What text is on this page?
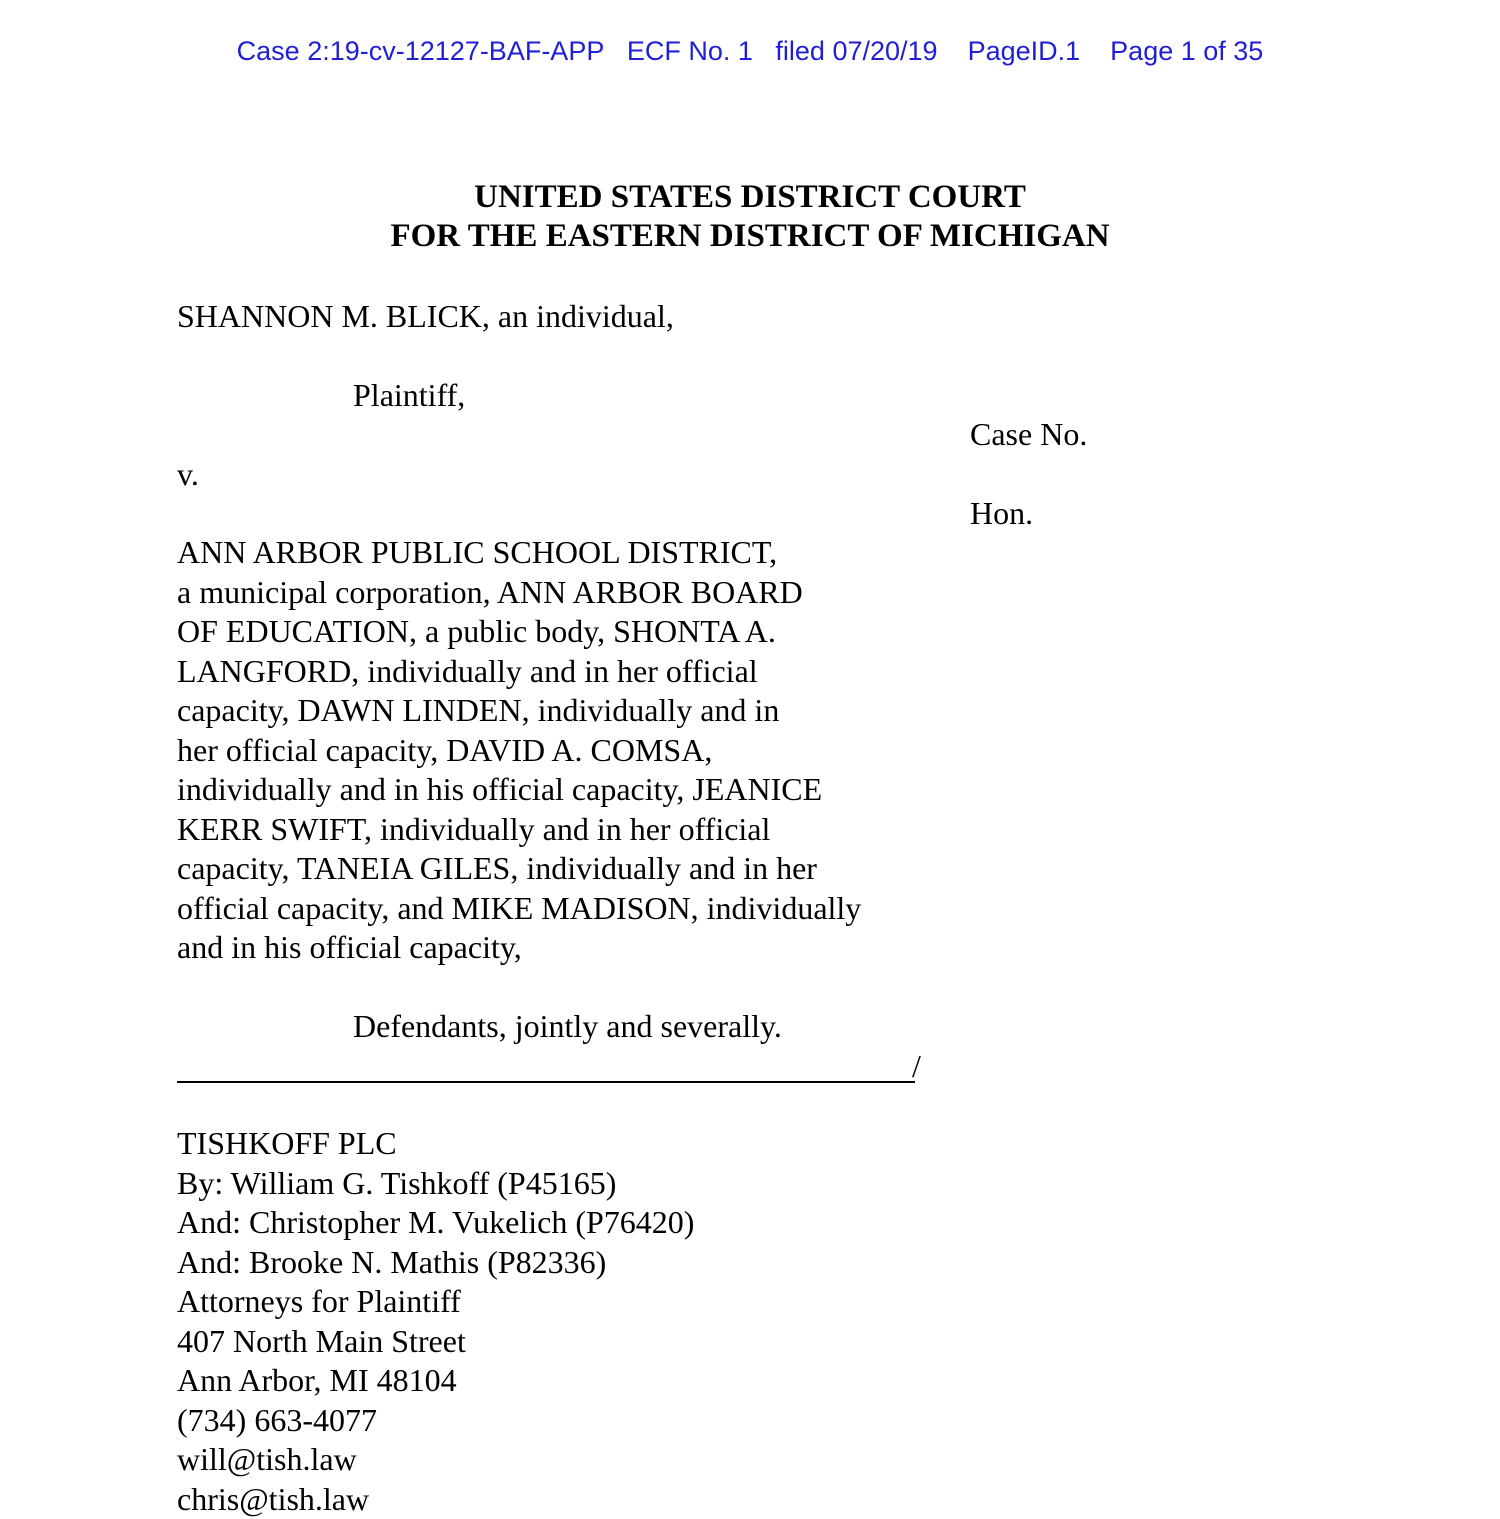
Case 2:19-cv-12127-BAF-APP ECF No. 1 filed 07/20/19 PageID.1 Page 1 of 35
UNITED STATES DISTRICT COURT
FOR THE EASTERN DISTRICT OF MICHIGAN
SHANNON M. BLICK, an individual,
Plaintiff,
Case No.
v.
Hon.
ANN ARBOR PUBLIC SCHOOL DISTRICT,
a municipal corporation, ANN ARBOR BOARD
OF EDUCATION, a public body, SHONTA A.
LANGFORD, individually and in her official
capacity, DAWN LINDEN, individually and in
her official capacity, DAVID A. COMSA,
individually and in his official capacity, JEANICE
KERR SWIFT, individually and in her official
capacity, TANEIA GILES, individually and in her
official capacity, and MIKE MADISON, individually
and in his official capacity,
Defendants, jointly and severally.
/
TISHKOFF PLC
By: William G. Tishkoff (P45165)
And: Christopher M. Vukelich (P76420)
And: Brooke N. Mathis (P82336)
Attorneys for Plaintiff
407 North Main Street
Ann Arbor, MI 48104
(734) 663-4077
will@tish.law
chris@tish.law
